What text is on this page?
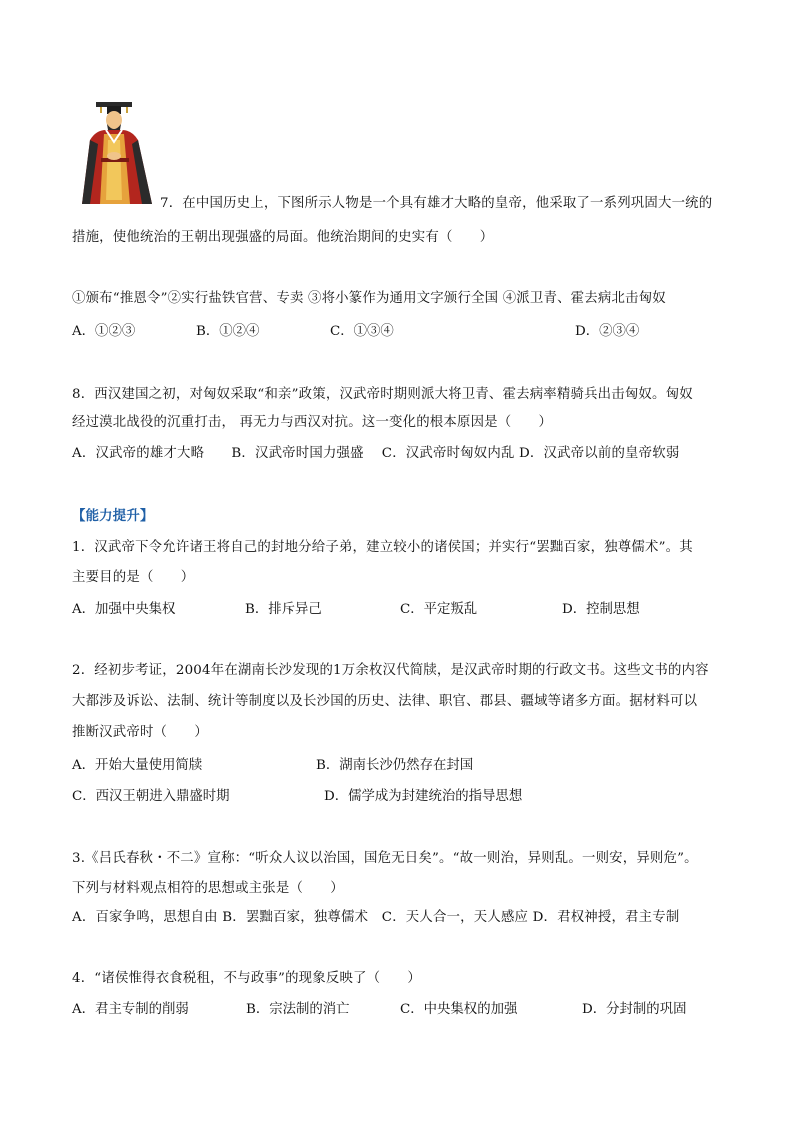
7．在中国历史上，下图所示人物是一个具有雄才大略的皇帝，他采取了一系列巩固大一统的
措施，使他统治的王朝出现强盛的局面。他统治期间的史实有（　　）
①颁布“推恩令”②实行盐铁官营、专卖 ③将小篆作为通用文字颁行全国 ④派卫青、霍去病北击匈奴
A．①②③	B．①②④	C．①③④	D．②③④
8．西汉建国之初，对匈奴采取“和亲”政策，汉武帝时期则派大将卫青、霍去病率精骑兵出击匈奴。匈奴
经过漠北战役的沉重打击， 再无力与西汉对抗。这一变化的根本原因是（　　）
A．汉武帝的雄才大略　　B．汉武帝时国力强盛　 C．汉武帝时匈奴内乱 D．汉武帝以前的皇帝软弱
【能力提升】
1．汉武帝下令允许诸王将自己的封地分给子弟，建立较小的诸侯国；并实行“罢黜百家，独尊儒术”。其
主要目的是（　　）
A．加强中央集权	B．排斥异己	C．平定叛乱	D．控制思想
2．经初步考证，2004年在湖南长沙发现的1万余枚汉代简牍，是汉武帝时期的行政文书。这些文书的内容
大都涉及诉讼、法制、统计等制度以及长沙国的历史、法律、职官、郡县、疆域等诸多方面。据材料可以
推断汉武帝时（　　）
A．开始大量使用简牍	B．湖南长沙仍然存在封国
C．西汉王朝进入鼎盛时期	D．儒学成为封建统治的指导思想
3.《吕氏春秋・不二》宣称：“听众人议以治国，国危无日矣”。“故一则治，异则乱。一则安，异则危”。
下列与材料观点相符的思想或主张是（　　）
A．百家争鸣，思想自由 B．罢黜百家，独尊儒术　C．天人合一，天人感应 D．君权神授，君主专制
4．“诸侯惟得衣食税租，不与政事”的现象反映了（　　）
A．君主专制的削弱	B．宗法制的消亡	C．中央集权的加强	D．分封制的巩固
